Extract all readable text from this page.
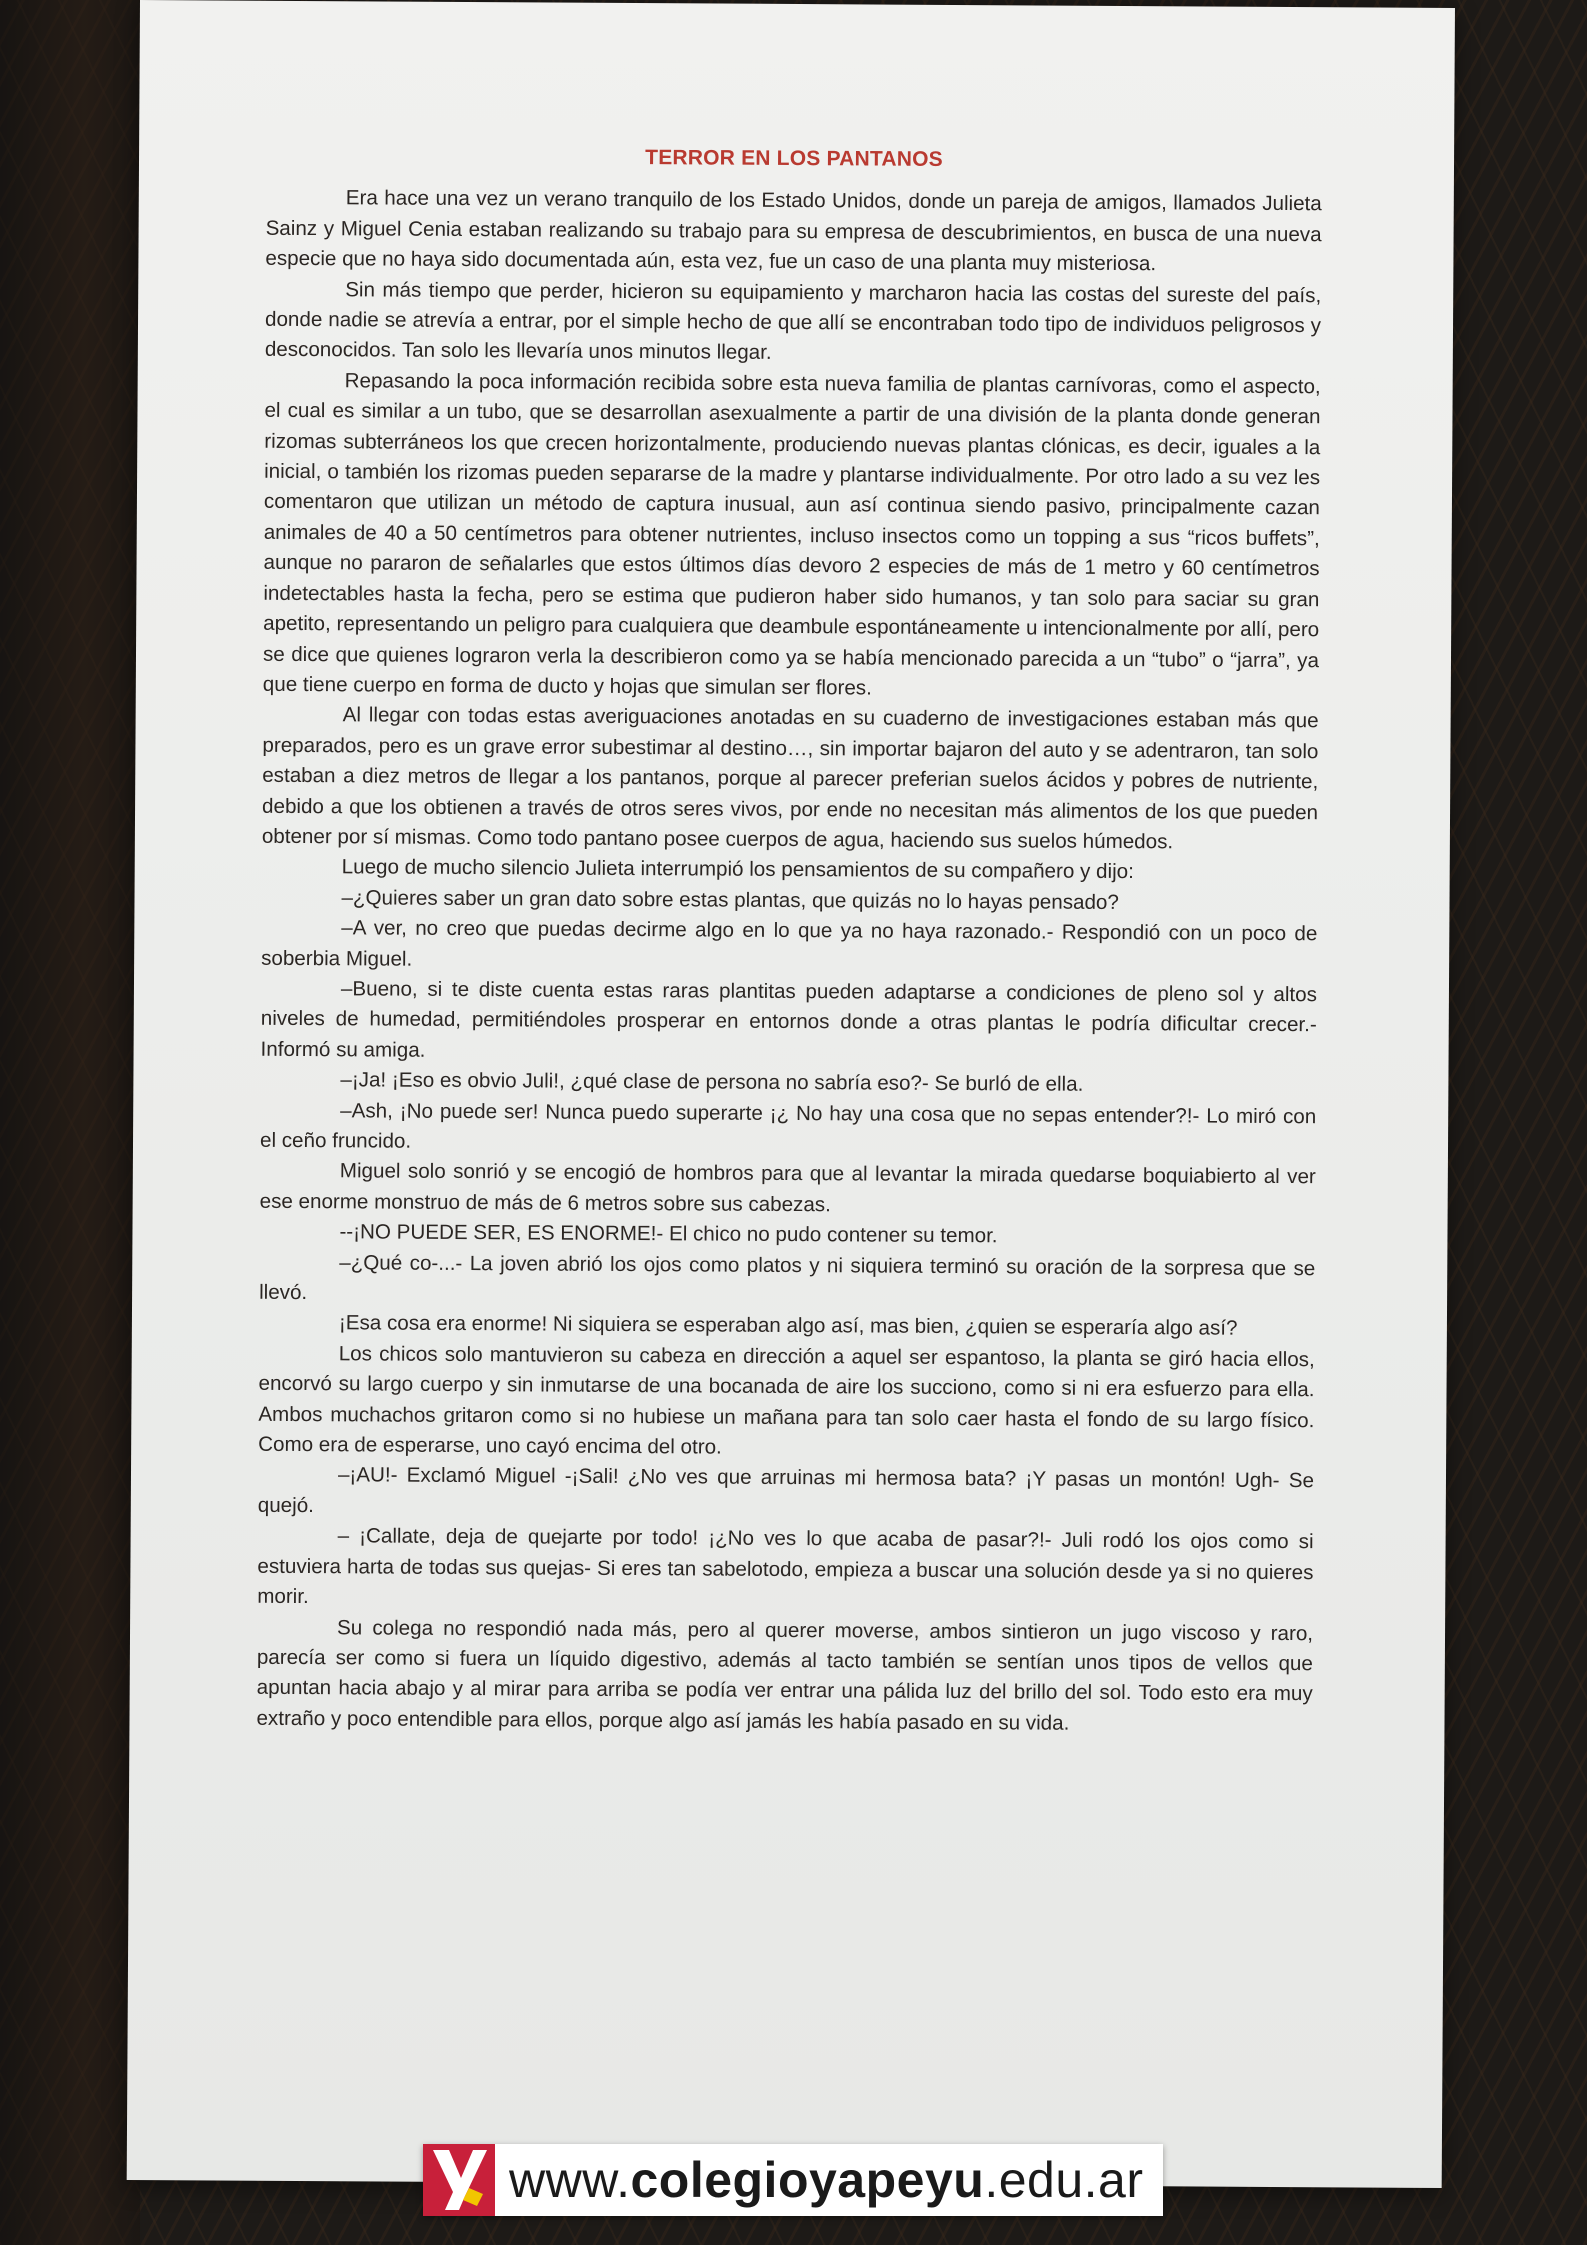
TERROR EN LOS PANTANOS

Era hace una vez un verano tranquilo de los Estado Unidos, donde un pareja de amigos, llamados Julieta Sainz y Miguel Cenia estaban realizando su trabajo para su empresa de descubrimientos, en busca de una nueva especie que no haya sido documentada aún, esta vez, fue un caso de una planta muy misteriosa.

Sin más tiempo que perder, hicieron su equipamiento y marcharon hacia las costas del sureste del país, donde nadie se atrevía a entrar, por el simple hecho de que allí se encontraban todo tipo de individuos peligrosos y desconocidos. Tan solo les llevaría unos minutos llegar.

Repasando la poca información recibida sobre esta nueva familia de plantas carnívoras, como el aspecto, el cual es similar a un tubo, que se desarrollan asexualmente a partir de una división de la planta donde generan rizomas subterráneos los que crecen horizontalmente, produciendo nuevas plantas clónicas, es decir, iguales a la inicial, o también los rizomas pueden separarse de la madre y plantarse individualmente. Por otro lado a su vez les comentaron que utilizan un método de captura inusual, aun así continua siendo pasivo, principalmente cazan animales de 40 a 50 centímetros para obtener nutrientes, incluso insectos como un topping a sus “ricos buffets”, aunque no pararon de señalarles que estos últimos días devoro 2 especies de más de 1 metro y 60 centímetros indetectables hasta la fecha, pero se estima que pudieron haber sido humanos, y tan solo para saciar su gran apetito, representando un peligro para cualquiera que deambule espontáneamente u intencionalmente por allí, pero se dice que quienes lograron verla la describieron como ya se había mencionado parecida a un “tubo” o “jarra”, ya que tiene cuerpo en forma de ducto y hojas que simulan ser flores.

Al llegar con todas estas averiguaciones anotadas en su cuaderno de investigaciones estaban más que preparados, pero es un grave error subestimar al destino…, sin importar bajaron del auto y se adentraron, tan solo estaban a diez metros de llegar a los pantanos, porque al parecer preferian suelos ácidos y pobres de nutriente, debido a que los obtienen a través de otros seres vivos, por ende no necesitan más alimentos de los que pueden obtener por sí mismas. Como todo pantano posee cuerpos de agua, haciendo sus suelos húmedos.

Luego de mucho silencio Julieta interrumpió los pensamientos de su compañero y dijo:

–¿Quieres saber un gran dato sobre estas plantas, que quizás no lo hayas pensado?

–A ver, no creo que puedas decirme algo en lo que ya no haya razonado.- Respondió con un poco de soberbia Miguel.

–Bueno, si te diste cuenta estas raras plantitas pueden adaptarse a condiciones de pleno sol y altos niveles de humedad, permitiéndoles prosperar en entornos donde a otras plantas le podría dificultar crecer.- Informó su amiga.

–¡Ja! ¡Eso es obvio Juli!, ¿qué clase de persona no sabría eso?- Se burló de ella.

–Ash, ¡No puede ser! Nunca puedo superarte ¡¿ No hay una cosa que no sepas entender?!- Lo miró con el ceño fruncido.

Miguel solo sonrió y se encogió de hombros para que al levantar la mirada quedarse boquiabierto al ver ese enorme monstruo de más de 6 metros sobre sus cabezas.

--¡NO PUEDE SER, ES ENORME!- El chico no pudo contener su temor.

–¿Qué co-...- La joven abrió los ojos como platos y ni siquiera terminó su oración de la sorpresa que se llevó.

¡Esa cosa era enorme! Ni siquiera se esperaban algo así, mas bien, ¿quien se esperaría algo así?

Los chicos solo mantuvieron su cabeza en dirección a aquel ser espantoso, la planta se giró hacia ellos, encorvó su largo cuerpo y sin inmutarse de una bocanada de aire los succiono, como si ni era esfuerzo para ella. Ambos muchachos gritaron como si no hubiese un mañana para tan solo caer hasta el fondo de su largo físico. Como era de esperarse, uno cayó encima del otro.

–¡AU!- Exclamó Miguel -¡Sali! ¿No ves que arruinas mi hermosa bata? ¡Y pasas un montón! Ugh- Se quejó.

– ¡Callate, deja de quejarte por todo! ¡¿No ves lo que acaba de pasar?!- Juli rodó los ojos como si estuviera harta de todas sus quejas- Si eres tan sabelotodo, empieza a buscar una solución desde ya si no quieres morir.

Su colega no respondió nada más, pero al querer moverse, ambos sintieron un jugo viscoso y raro, parecía ser como si fuera un líquido digestivo, además al tacto también se sentían unos tipos de vellos que apuntan hacia abajo y al mirar para arriba se podía ver entrar una pálida luz del brillo del sol. Todo esto era muy extraño y poco entendible para ellos, porque algo así jamás les había pasado en su vida.

www.colegioyapeyu.edu.ar
